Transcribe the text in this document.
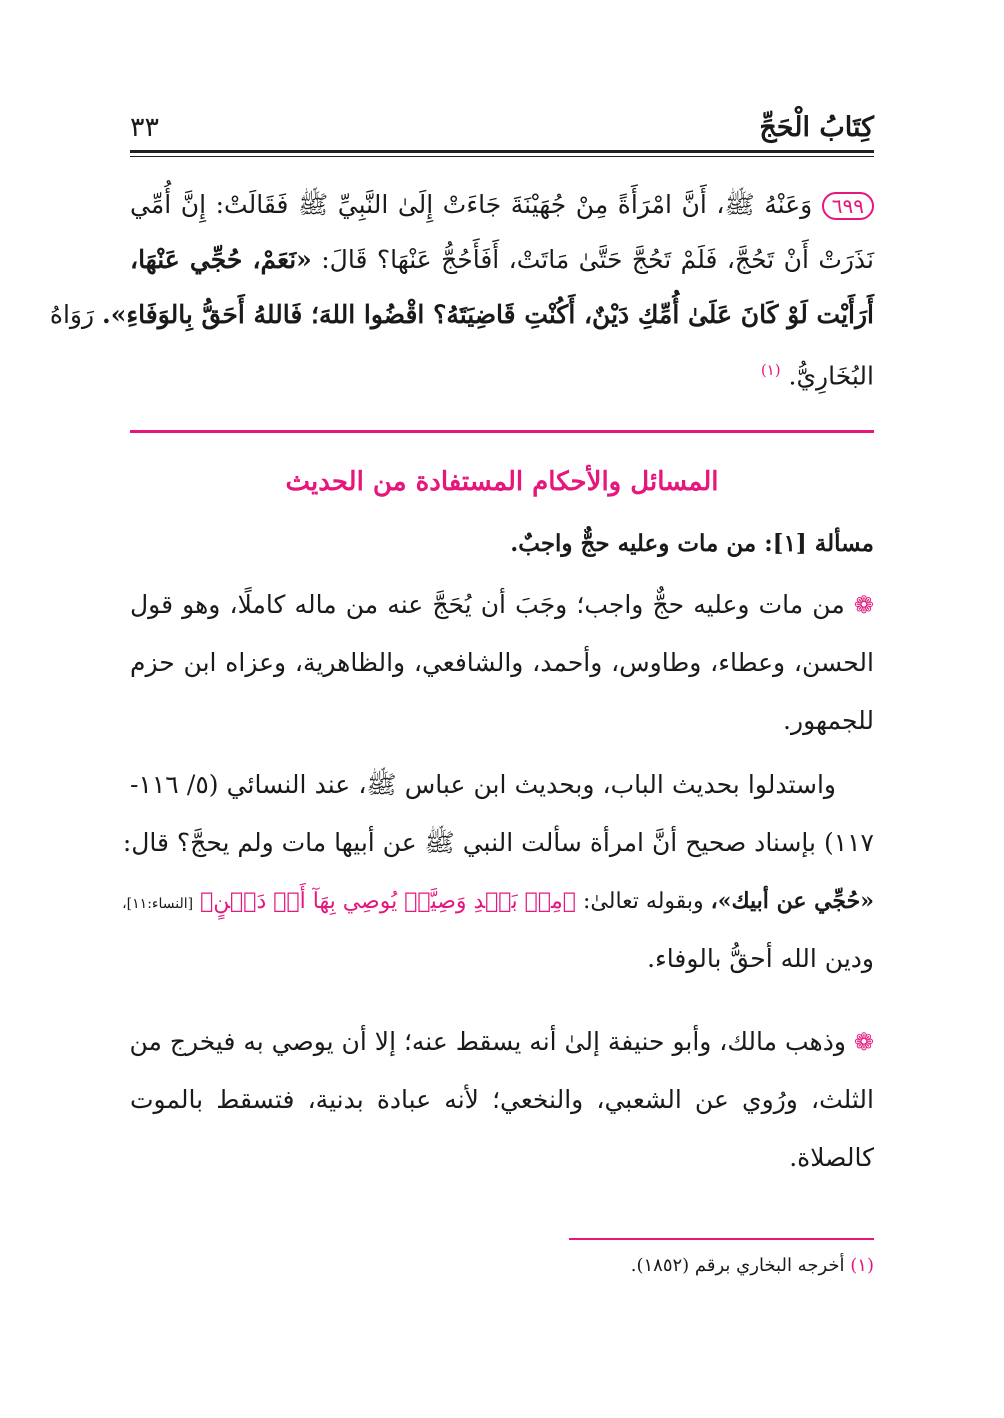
كِتَابُ الْحَجِّ
٣٣
٦٩٩ وَعَنْهُ ﷺ، أَنَّ امْرَأَةً مِنْ جُهَيْنَةَ جَاءَتْ إِلَىٰ النَّبِيِّ ﷺ فَقَالَتْ: إِنَّ أُمِّي
نَذَرَتْ أَنْ تَحُجَّ، فَلَمْ تَحُجَّ حَتَّىٰ مَاتَتْ، أَفَأَحُجُّ عَنْهَا؟ قَالَ: «نَعَمْ، حُجِّي عَنْهَا،
أَرَأَيْت لَوْ كَانَ عَلَىٰ أُمِّكِ دَيْنٌ، أَكُنْتِ قَاضِيَتَهُ؟ اقْضُوا اللهَ؛ فَاللهُ أَحَقُّ بِالوَفَاءِ». رَوَاهُ
البُخَارِيُّ. $^{(١)}$
المسائل والأحكام المستفادة من الحديث
مسألة [١]: من مات وعليه حجٌّ واجبٌ.
❁ من مات وعليه حجٌّ واجب؛ وجَبَ أن يُحَجَّ عنه من ماله كاملًا، وهو قول
الحسن، وعطاء، وطاوس، وأحمد، والشافعي، والظاهرية، وعزاه ابن حزم
للجمهور.
واستدلوا بحديث الباب، وبحديث ابن عباس ﷺ، عند النسائي (٥/ ١١٦-
١١٧) بإسناد صحيح أنَّ امرأة سألت النبي ﷺ عن أبيها مات ولم يحجَّ؟ قال:
«حُجِّي عن أبيك»، وبقوله تعالىٰ: ﴿مِنۢ بَعۡدِ وَصِيَّةٖ يُوصِي بِهَآ أَوۡ دَيۡنٍ﴾ [النساء:١١]،
ودين الله أحقُّ بالوفاء.
❁ وذهب مالك، وأبو حنيفة إلىٰ أنه يسقط عنه؛ إلا أن يوصي به فيخرج من
الثلث، ورُوي عن الشعبي، والنخعي؛ لأنه عبادة بدنية، فتسقط بالموت
كالصلاة.
(١) أخرجه البخاري برقم (١٨٥٢).
